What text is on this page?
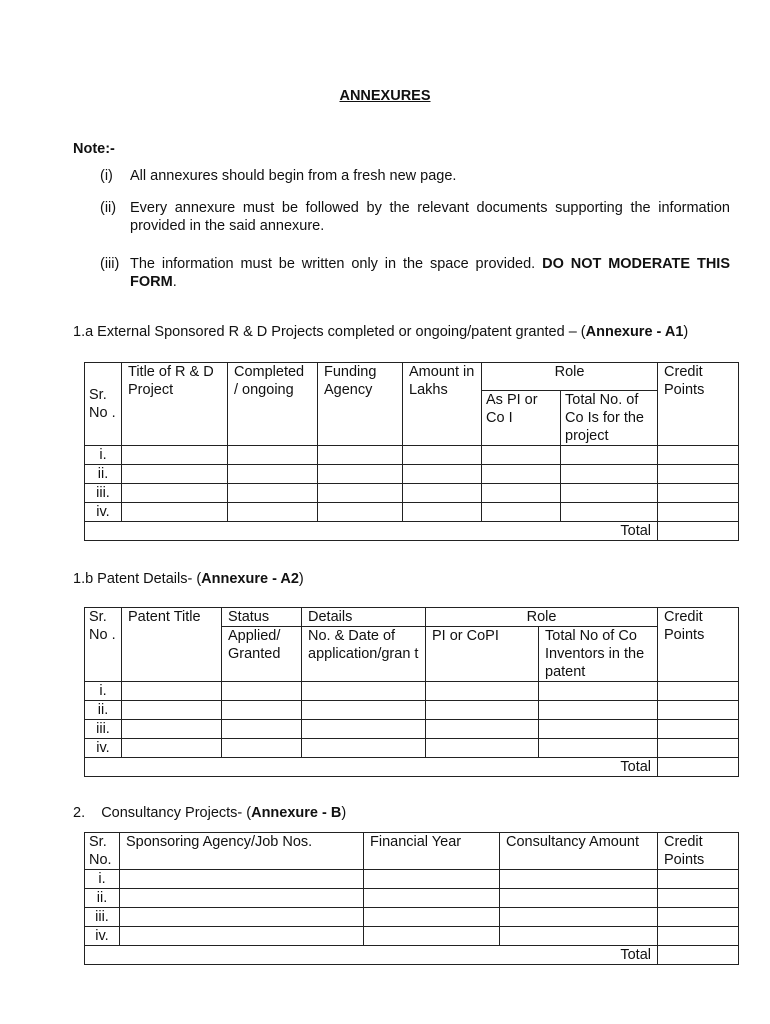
ANNEXURES
Note:-
(i)	All annexures should begin from a fresh new page.
(ii) Every annexure must be followed by the relevant documents supporting the information provided in the said annexure.
(iii) The information must be written only in the space provided. DO NOT MODERATE THIS FORM.
1.a External Sponsored R & D Projects completed or ongoing/patent granted – (Annexure - A1)
Sr. No .	Title of R & D Project	Completed / ongoing	Funding Agency	Amount in Lakhs	Role		Credit Points
					As PI or Co I	Total No. of Co Is for the project	
i.							
ii.							
iii.							
iv.							
Total							
1.b Patent Details- (Annexure - A2)
Sr. No .	Patent Title	Status	Details	Role		Credit Points
		Applied/ Granted	No. & Date of application/gran t	PI or CoPI	Total No of Co Inventors in the patent	
i.						
ii.						
iii.						
iv.						
Total						
2.    Consultancy Projects- (Annexure - B)
Sr. No.	Sponsoring Agency/Job Nos.	Financial Year	Consultancy Amount	Credit Points
i.				
ii.				
iii.				
iv.				
Total				
